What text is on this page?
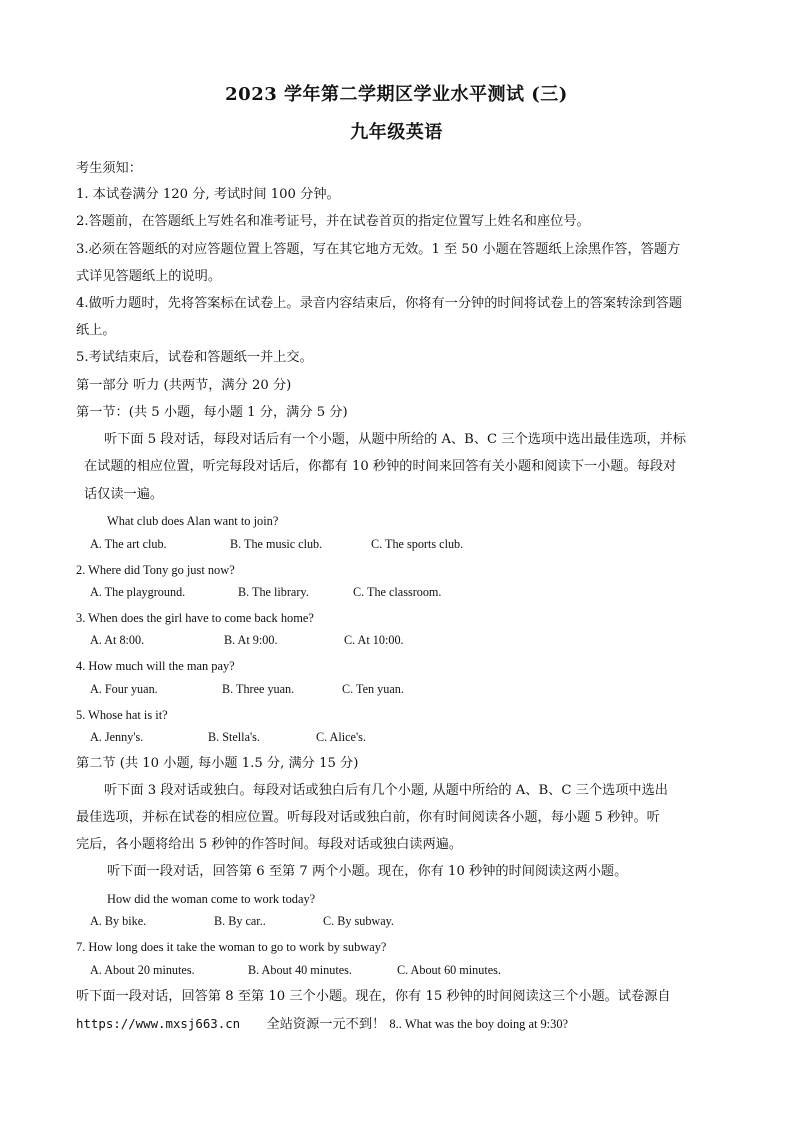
2023 学年第二学期区学业水平测试 (三)
九年级英语
考生须知：
1. 本试卷满分 120 分, 考试时间 100 分钟。
2.答题前，在答题纸上写姓名和准考证号，并在试卷首页的指定位置写上姓名和座位号。
3.必须在答题纸的对应答题位置上答题，写在其它地方无效。1 至 50 小题在答题纸上涂黑作答，答题方
式详见答题纸上的说明。
4.做听力题时，先将答案标在试卷上。录音内容结束后，你将有一分钟的时间将试卷上的答案转涂到答题
纸上。
5.考试结束后，试卷和答题纸一并上交。
第一部分 听力 (共两节，满分 20 分)
第一节：(共 5 小题，每小题 1 分，满分 5 分)
听下面 5 段对话，每段对话后有一个小题，从题中所给的 A、B、C 三个选项中选出最佳选项，并标
在试题的相应位置，听完每段对话后，你都有 10 秒钟的时间来回答有关小题和阅读下一小题。每段对
话仅读一遍。
What club does Alan want to join?
A. The art club.	B. The music club.	C. The sports club.
2. Where did Tony go just now?
A. The playground.	B. The library.	C. The classroom.
3. When does the girl have to come back home?
A. At 8:00.	B. At 9:00.	C. At 10:00.
4. How much will the man pay?
A. Four yuan.	B. Three yuan.	C. Ten yuan.
5. Whose hat is it?
A. Jenny's.	B. Stella's.	C. Alice's.
第二节 (共 10 小题, 每小题 1.5 分, 满分 15 分)
听下面 3 段对话或独白。每段对话或独白后有几个小题, 从题中所给的 A、B、C 三个选项中选出
最佳选项，并标在试卷的相应位置。听每段对话或独白前，你有时间阅读各小题，每小题 5 秒钟。听
完后，各小题将给出 5 秒钟的作答时间。每段对话或独白读两遍。
听下面一段对话，回答第 6 至第 7 两个小题。现在，你有 10 秒钟的时间阅读这两小题。
How did the woman come to work today?
A. By bike.	B. By car..	C. By subway.
7. How long does it take the woman to go to work by subway?
A. About 20 minutes.	B. About 40 minutes.	C. About 60 minutes.
听下面一段对话，回答第 8 至第 10 三个小题。现在，你有 15 秒钟的时间阅读这三个小题。试卷源自
https://www.mxsj663.cn 全站资源一元不到！ 8.. What was the boy doing at 9:30?
